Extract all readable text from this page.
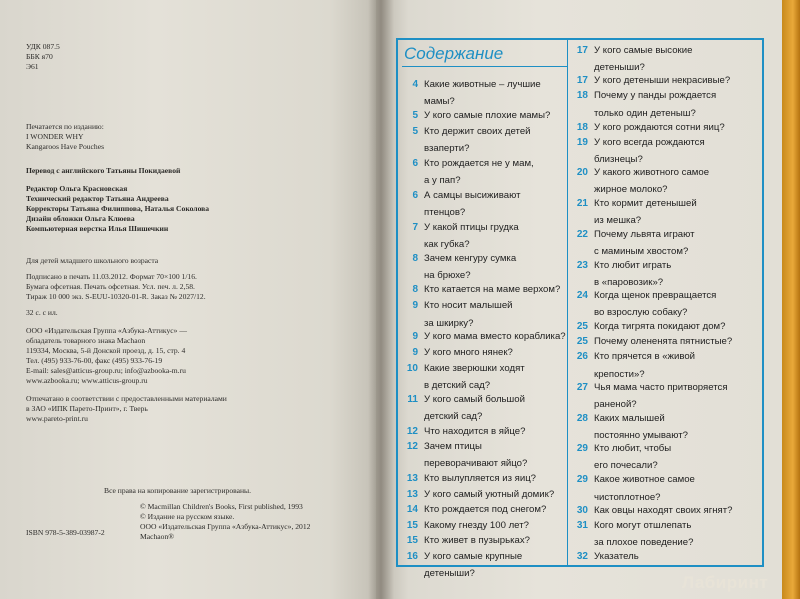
УДК 087.5
ББК я70
Э61
Печатается по изданию:
I WONDER WHY
Kangaroos Have Pouches
Перевод с английского Татьяны Покидаевой
Редактор Ольга Красновская
Технический редактор Татьяна Андреева
Корректоры Татьяна Филиппова, Наталья Соколова
Дизайн обложки Ольга Клюева
Компьютерная верстка Илья Шишечкин
Для детей младшего школьного возраста
Подписано в печать 11.03.2012. Формат 70×100 1/16.
Бумага офсетная. Печать офсетная. Усл. печ. л. 2,58.
Тираж 10 000 экз. S-EUU-10320-01-R. Заказ № 2027/12.
32 с. с ил.
ООО «Издательская Группа «Азбука-Аттикус» —
обладатель товарного знака Machaon
119334, Москва, 5-й Донской проезд, д. 15, стр. 4
Тел. (495) 933-76-00, факс (495) 933-76-19
E-mail: sales@atticus-group.ru; info@azbooka-m.ru
www.azbooka.ru; www.atticus-group.ru
Отпечатано в соответствии с предоставленными материалами
в ЗАО «ИПК Парето-Принт», г. Тверь
www.pareto-print.ru
Все права на копирование зарегистрированы.
© Macmillan Children's Books, First published, 1993
© Издание на русском языке.
ООО «Издательская Группа «Азбука-Аттикус», 2012
Machaon®
ISBN 978-5-389-03987-2
Содержание
4 Какие животные – лучшие
мамы?
5 У кого самые плохие мамы?
5 Кто держит своих детей
взаперти?
6 Кто рождается не у мам,
а у пап?
6 А самцы высиживают
птенцов?
7 У какой птицы грудка
как губка?
8 Зачем кенгуру сумка
на брюхе?
8 Кто катается на маме верхом?
9 Кто носит малышей
за шкирку?
9 У кого мама вместо кораблика?
9 У кого много нянек?
10 Какие зверюшки ходят
в детский сад?
11 У кого самый большой
детский сад?
12 Что находится в яйце?
12 Зачем птицы
переворачивают яйцо?
13 Кто вылупляется из яиц?
13 У кого самый уютный домик?
14 Кто рождается под снегом?
15 Какому гнезду 100 лет?
15 Кто живет в пузырьках?
16 У кого самые крупные
детеныши?
17 У кого самые высокие
детеныши?
17 У кого детеныши некрасивые?
18 Почему у панды рождается
только один детеныш?
18 У кого рождаются сотни яиц?
19 У кого всегда рождаются
близнецы?
20 У какого животного самое
жирное молоко?
21 Кто кормит детенышей
из мешка?
22 Почему львята играют
с маминым хвостом?
23 Кто любит играть
в «паровозик»?
24 Когда щенок превращается
во взрослую собаку?
25 Когда тигрята покидают дом?
25 Почему олененята пятнистые?
26 Кто прячется в «живой
крепости»?
27 Чья мама часто притворяется
раненой?
28 Каких малышей
постоянно умывают?
29 Кто любит, чтобы
его почесали?
29 Какое животное самое
чистоплотное?
30 Как овцы находят своих ягнят?
31 Кого могут отшлепать
за плохое поведение?
32 Указатель
Лабиринт
